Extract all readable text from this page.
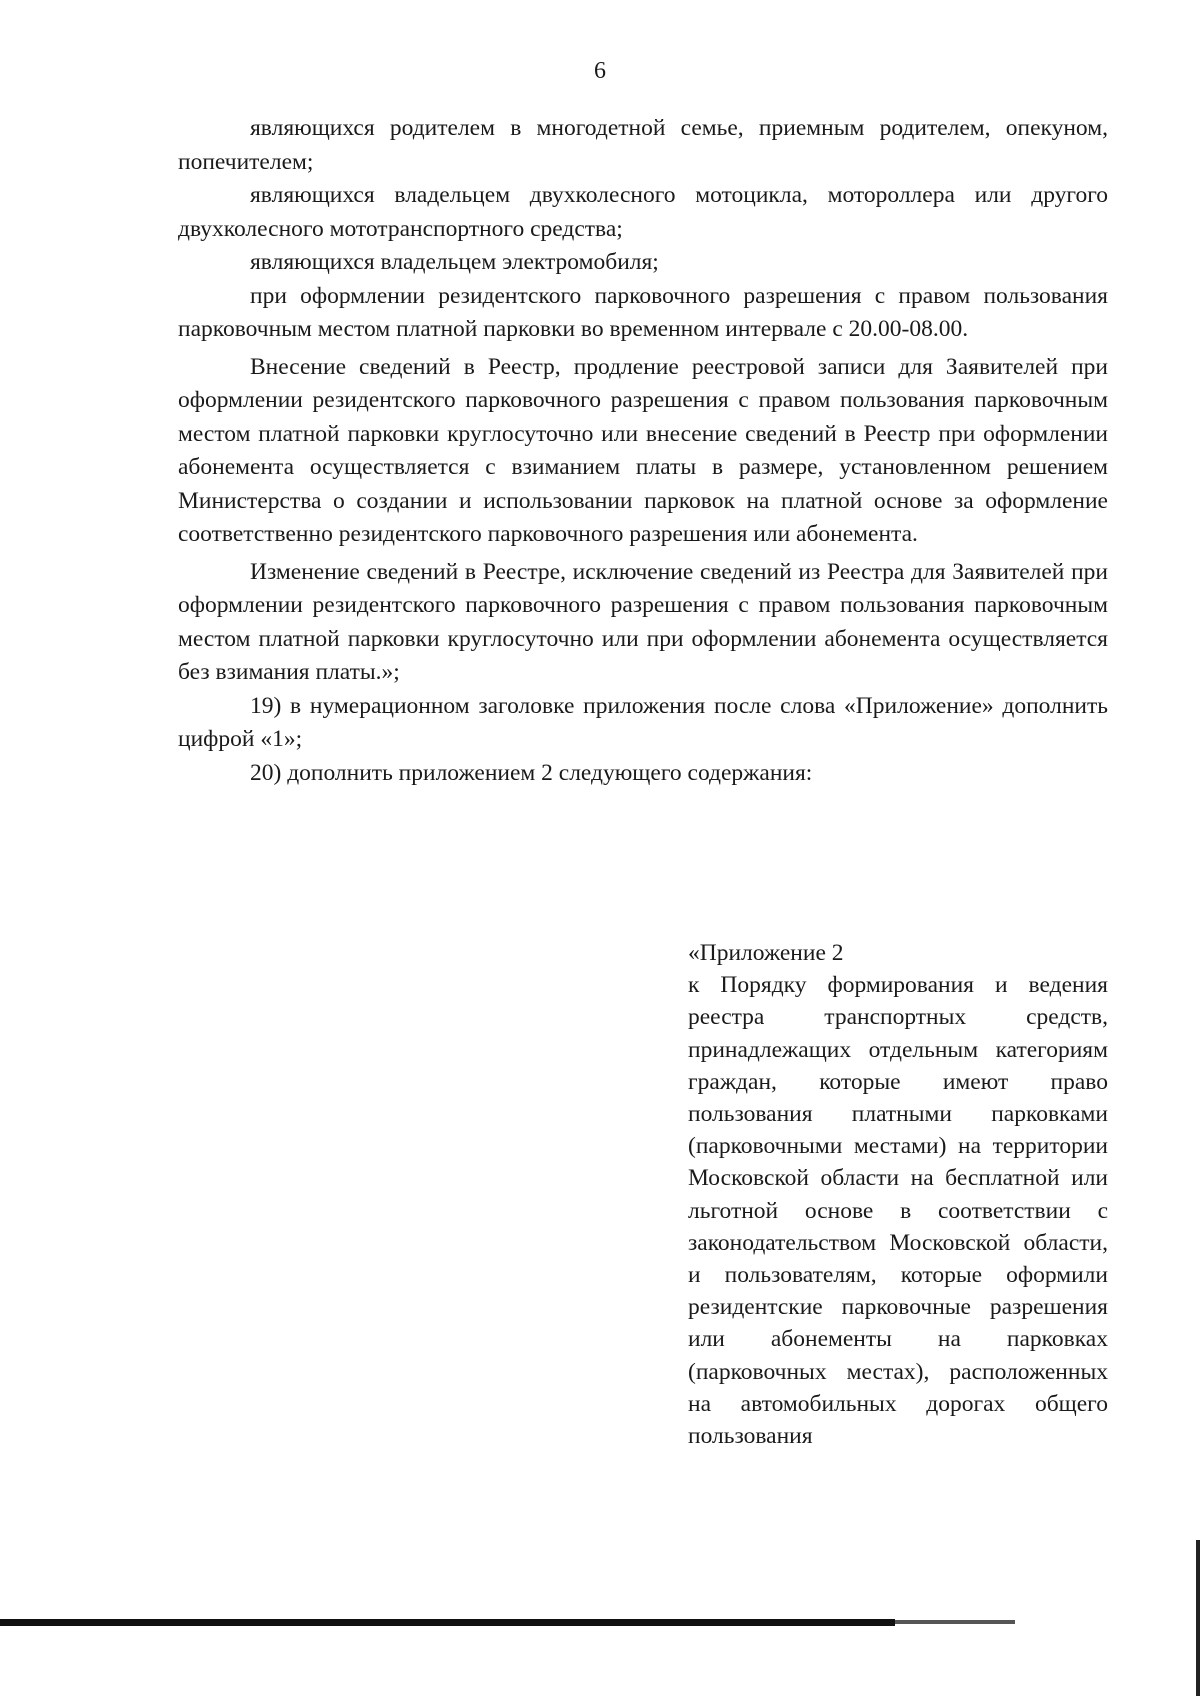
6

являющихся родителем в многодетной семье, приемным родителем, опекуном, попечителем;

являющихся владельцем двухколесного мотоцикла, мотороллера или другого двухколесного мототранспортного средства;

являющихся владельцем электромобиля;

при оформлении резидентского парковочного разрешения с правом пользования парковочным местом платной парковки во временном интервале с 20.00-08.00.

Внесение сведений в Реестр, продление реестровой записи для Заявителей при оформлении резидентского парковочного разрешения с правом пользования парковочным местом платной парковки круглосуточно или внесение сведений в Реестр при оформлении абонемента осуществляется с взиманием платы в размере, установленном решением Министерства о создании и использовании парковок на платной основе за оформление соответственно резидентского парковочного разрешения или абонемента.

Изменение сведений в Реестре, исключение сведений из Реестра для Заявителей при оформлении резидентского парковочного разрешения с правом пользования парковочным местом платной парковки круглосуточно или при оформлении абонемента осуществляется без взимания платы.»;

19) в нумерационном заголовке приложения после слова «Приложение» дополнить цифрой «1»;

20) дополнить приложением 2 следующего содержания:

«Приложение 2

к Порядку формирования и ведения реестра транспортных средств, принадлежащих отдельным категориям граждан, которые имеют право пользования платными парковками (парковочными местами) на территории Московской области на бесплатной или льготной основе в соответствии с законодательством Московской области, и пользователям, которые оформили резидентские парковочные разрешения или абонементы на парковках (парковочных местах), расположенных на автомобильных дорогах общего пользования
